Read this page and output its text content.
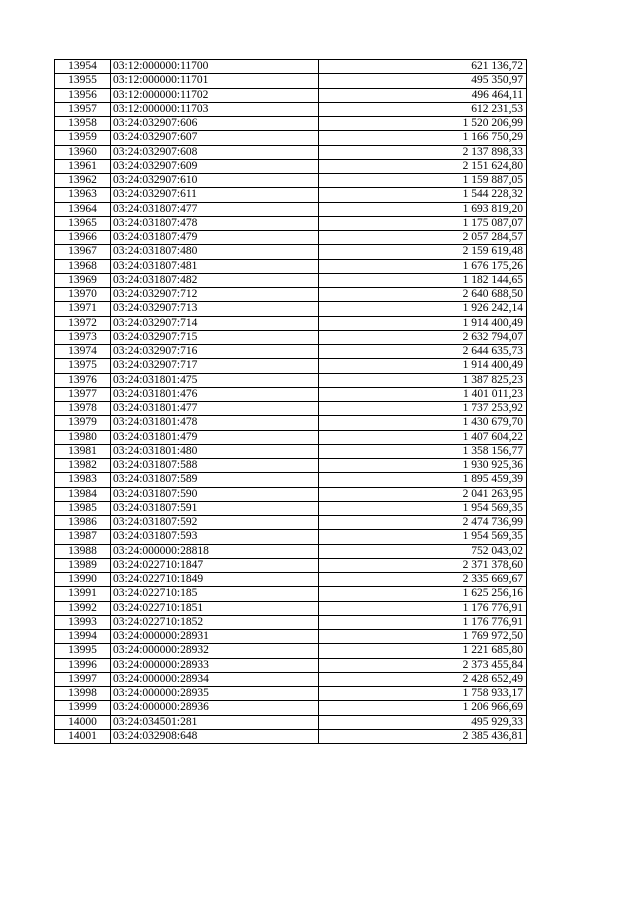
13954	03:12:000000:11700	621 136,72
13955	03:12:000000:11701	495 350,97
13956	03:12:000000:11702	496 464,11
13957	03:12:000000:11703	612 231,53
13958	03:24:032907:606	1 520 206,99
13959	03:24:032907:607	1 166 750,29
13960	03:24:032907:608	2 137 898,33
13961	03:24:032907:609	2 151 624,80
13962	03:24:032907:610	1 159 887,05
13963	03:24:032907:611	1 544 228,32
13964	03:24:031807:477	1 693 819,20
13965	03:24:031807:478	1 175 087,07
13966	03:24:031807:479	2 057 284,57
13967	03:24:031807:480	2 159 619,48
13968	03:24:031807:481	1 676 175,26
13969	03:24:031807:482	1 182 144,65
13970	03:24:032907:712	2 640 688,50
13971	03:24:032907:713	1 926 242,14
13972	03:24:032907:714	1 914 400,49
13973	03:24:032907:715	2 632 794,07
13974	03:24:032907:716	2 644 635,73
13975	03:24:032907:717	1 914 400,49
13976	03:24:031801:475	1 387 825,23
13977	03:24:031801:476	1 401 011,23
13978	03:24:031801:477	1 737 253,92
13979	03:24:031801:478	1 430 679,70
13980	03:24:031801:479	1 407 604,22
13981	03:24:031801:480	1 358 156,77
13982	03:24:031807:588	1 930 925,36
13983	03:24:031807:589	1 895 459,39
13984	03:24:031807:590	2 041 263,95
13985	03:24:031807:591	1 954 569,35
13986	03:24:031807:592	2 474 736,99
13987	03:24:031807:593	1 954 569,35
13988	03:24:000000:28818	752 043,02
13989	03:24:022710:1847	2 371 378,60
13990	03:24:022710:1849	2 335 669,67
13991	03:24:022710:185	1 625 256,16
13992	03:24:022710:1851	1 176 776,91
13993	03:24:022710:1852	1 176 776,91
13994	03:24:000000:28931	1 769 972,50
13995	03:24:000000:28932	1 221 685,80
13996	03:24:000000:28933	2 373 455,84
13997	03:24:000000:28934	2 428 652,49
13998	03:24:000000:28935	1 758 933,17
13999	03:24:000000:28936	1 206 966,69
14000	03:24:034501:281	495 929,33
14001	03:24:032908:648	2 385 436,81
